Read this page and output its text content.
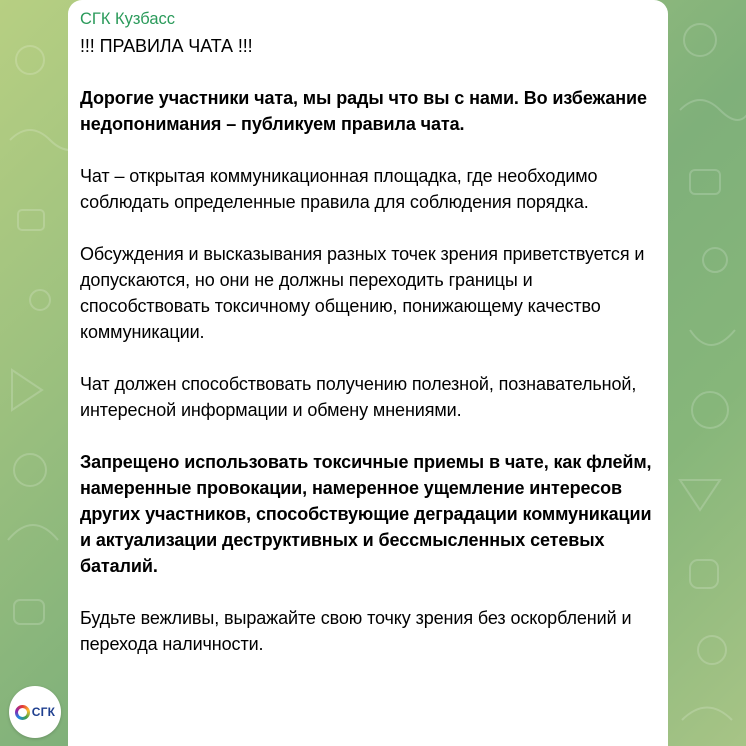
СГК Кузбасс

!!! ПРАВИЛА ЧАТА !!!

Дорогие участники чата, мы рады что вы с нами. Во избежание недопонимания – публикуем правила чата.

Чат – открытая коммуникационная площадка, где необходимо соблюдать определенные правила для соблюдения порядка.

Обсуждения и высказывания разных точек зрения приветствуется и допускаются, но они не должны переходить границы и способствовать токсичному общению, понижающему качество коммуникации.

Чат должен способствовать получению полезной, познавательной, интересной информации и обмену мнениями.

Запрещено использовать токсичные приемы в чате, как флейм, намеренные провокации, намеренное ущемление интересов других участников, способствующие деградации коммуникации и актуализации деструктивных и бессмысленных сетевых баталий.

Будьте вежливы, выражайте свою точку зрения без оскорблений и перехода наличности.

СГК
